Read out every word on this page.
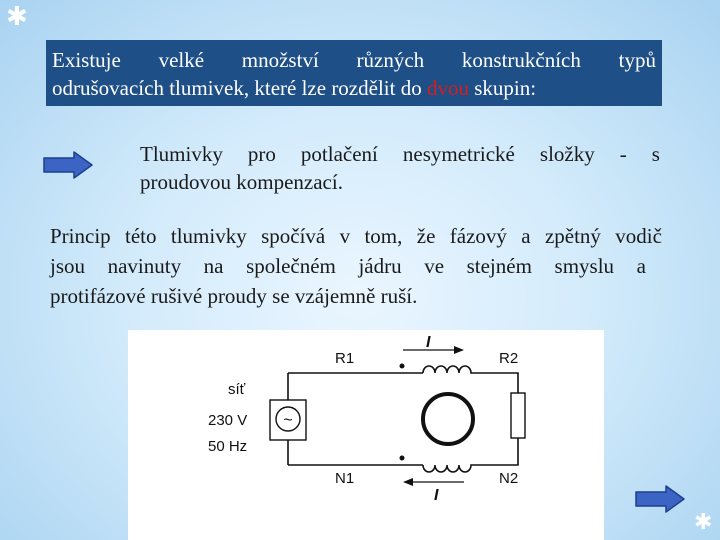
✱
✱
Existuje velké množství různých konstrukčních typů
odrušovacích tlumivek, které lze rozdělit do dvou skupin:
Tlumivky pro potlačení nesymetrické složky - s
proudovou kompenzací.
Princip této tlumivky spočívá v tom, že fázový a zpětný vodič
jsou navinuty na společném jádru ve stejném smyslu a
protifázové rušivé proudy se vzájemně ruší.
~
I
I
R1	R2
N1	N2
síť
230 V
50 Hz
